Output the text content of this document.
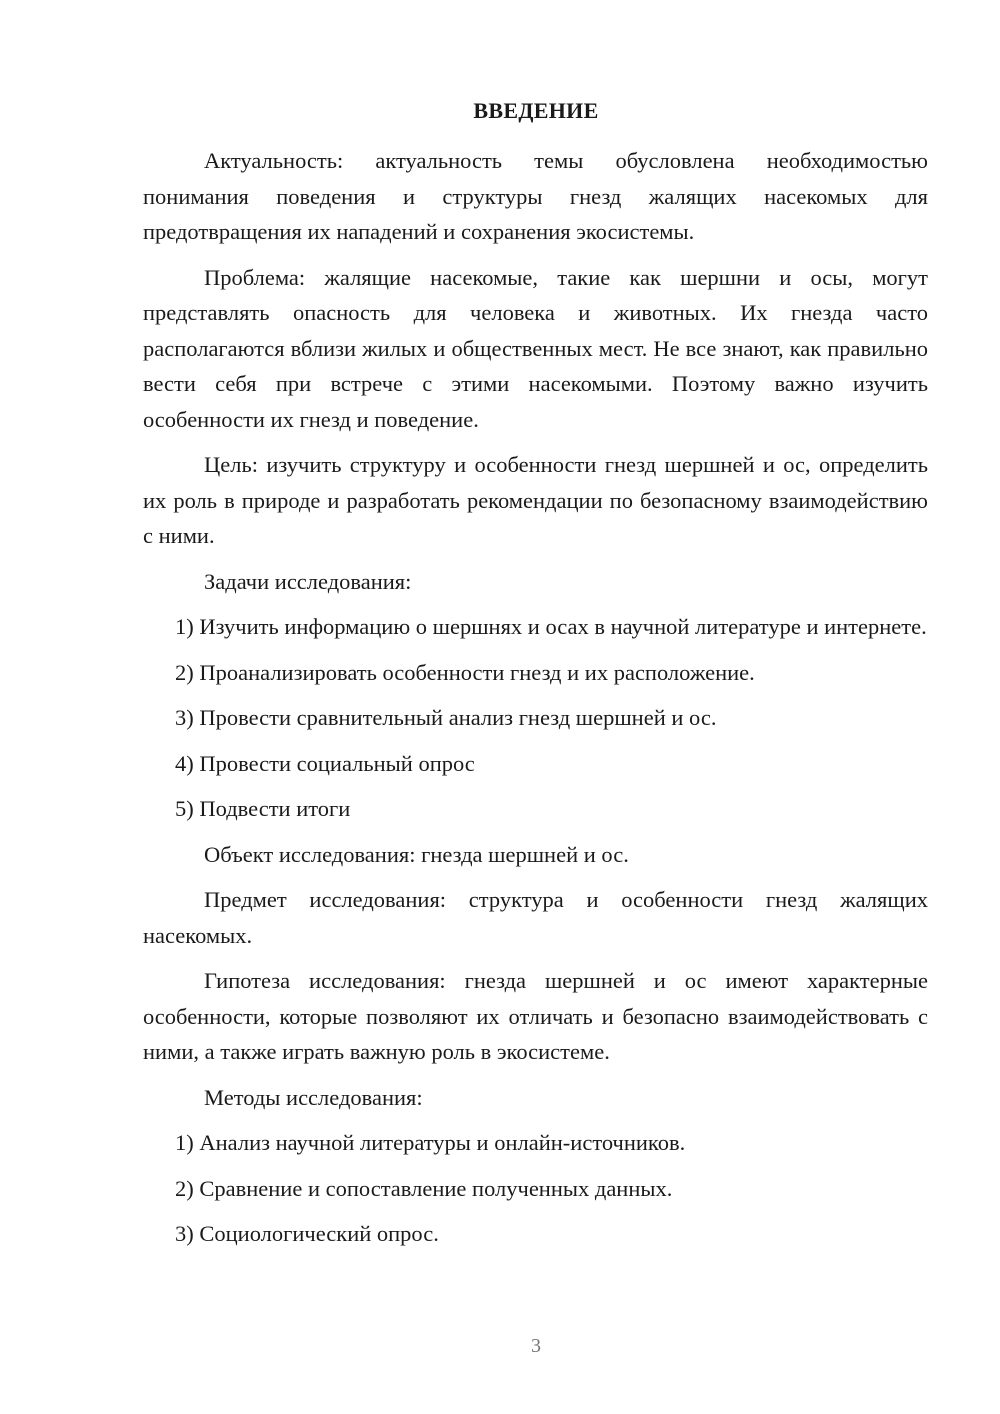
ВВЕДЕНИЕ

Актуальность: актуальность темы обусловлена необходимостью понимания поведения и структуры гнезд жалящих насекомых для предотвращения их нападений и сохранения экосистемы.

Проблема: жалящие насекомые, такие как шершни и осы, могут представлять опасность для человека и животных. Их гнезда часто располагаются вблизи жилых и общественных мест. Не все знают, как правильно вести себя при встрече с этими насекомыми. Поэтому важно изучить особенности их гнезд и поведение.

Цель: изучить структуру и особенности гнезд шершней и ос, определить их роль в природе и разработать рекомендации по безопасному взаимодействию с ними.

Задачи исследования:

1) Изучить информацию о шершнях и осах в научной литературе и интернете.

2) Проанализировать особенности гнезд и их расположение.

3) Провести сравнительный анализ гнезд шершней и ос.

4) Провести социальный опрос

5) Подвести итоги

Объект исследования: гнезда шершней и ос.

Предмет исследования: структура и особенности гнезд жалящих насекомых.

Гипотеза исследования: гнезда шершней и ос имеют характерные особенности, которые позволяют их отличать и безопасно взаимодействовать с ними, а также играть важную роль в экосистеме.

Методы исследования:

1) Анализ научной литературы и онлайн-источников.

2) Сравнение и сопоставление полученных данных.

3) Социологический опрос.

3
